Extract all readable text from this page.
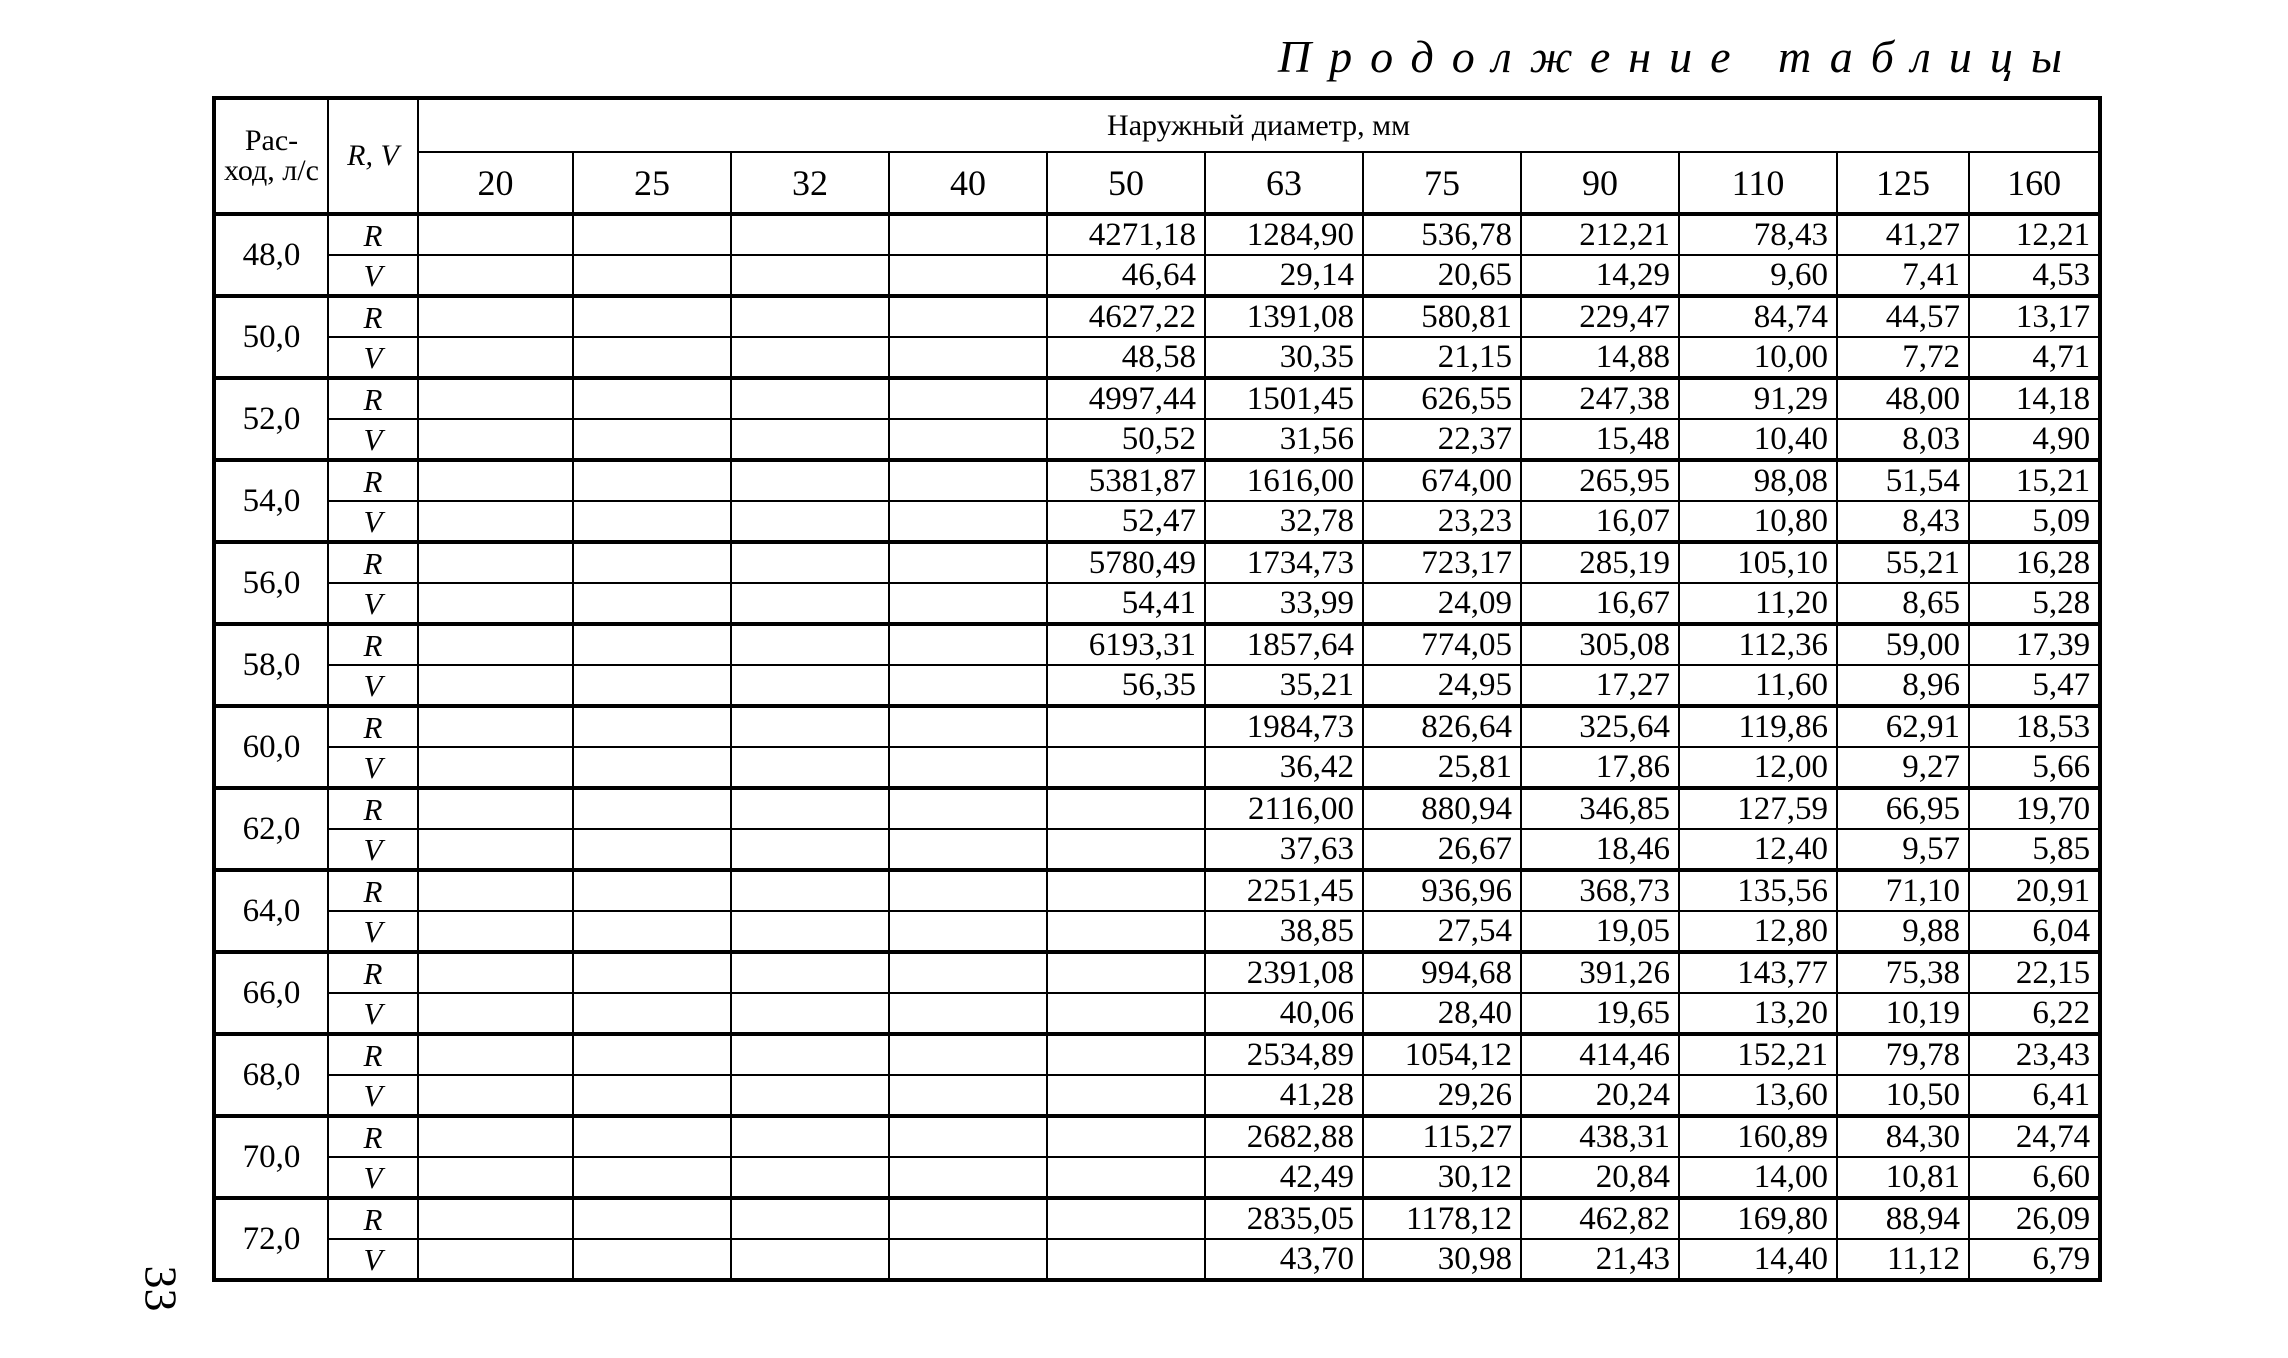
Продолжение таблицы

33

Рас- ход, л/с	R, V	Наружный диаметр, мм										
		20	25	32	40	50	63	75	90	110	125	160
48,0	R					4271,18	1284,90	536,78	212,21	78,43	41,27	12,21
	V					46,64	29,14	20,65	14,29	9,60	7,41	4,53
50,0	R					4627,22	1391,08	580,81	229,47	84,74	44,57	13,17
	V					48,58	30,35	21,15	14,88	10,00	7,72	4,71
52,0	R					4997,44	1501,45	626,55	247,38	91,29	48,00	14,18
	V					50,52	31,56	22,37	15,48	10,40	8,03	4,90
54,0	R					5381,87	1616,00	674,00	265,95	98,08	51,54	15,21
	V					52,47	32,78	23,23	16,07	10,80	8,43	5,09
56,0	R					5780,49	1734,73	723,17	285,19	105,10	55,21	16,28
	V					54,41	33,99	24,09	16,67	11,20	8,65	5,28
58,0	R					6193,31	1857,64	774,05	305,08	112,36	59,00	17,39
	V					56,35	35,21	24,95	17,27	11,60	8,96	5,47
60,0	R						1984,73	826,64	325,64	119,86	62,91	18,53
	V						36,42	25,81	17,86	12,00	9,27	5,66
62,0	R						2116,00	880,94	346,85	127,59	66,95	19,70
	V						37,63	26,67	18,46	12,40	9,57	5,85
64,0	R						2251,45	936,96	368,73	135,56	71,10	20,91
	V						38,85	27,54	19,05	12,80	9,88	6,04
66,0	R						2391,08	994,68	391,26	143,77	75,38	22,15
	V						40,06	28,40	19,65	13,20	10,19	6,22
68,0	R						2534,89	1054,12	414,46	152,21	79,78	23,43
	V						41,28	29,26	20,24	13,60	10,50	6,41
70,0	R						2682,88	115,27	438,31	160,89	84,30	24,74
	V						42,49	30,12	20,84	14,00	10,81	6,60
72,0	R						2835,05	1178,12	462,82	169,80	88,94	26,09
	V						43,70	30,98	21,43	14,40	11,12	6,79
